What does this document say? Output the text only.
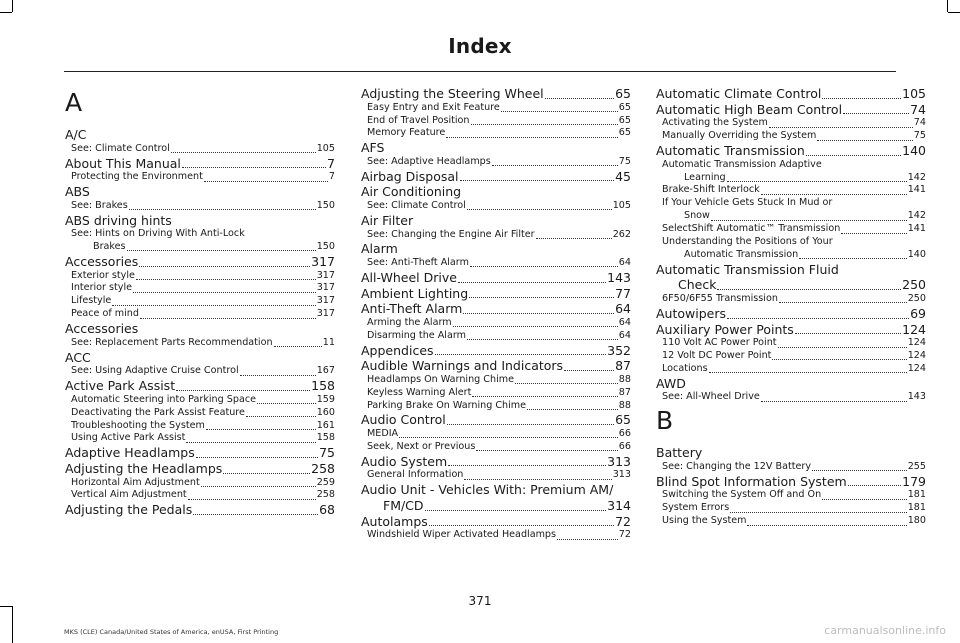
Index
A
A/C
See: Climate Control	105
About This Manual	7
Protecting the Environment	7
ABS
See: Brakes	150
ABS driving hints
See: Hints on Driving With Anti-Lock
Brakes	150
Accessories	317
Exterior style	317
Interior style	317
Lifestyle	317
Peace of mind	317
Accessories
See: Replacement Parts Recommendation	11
ACC
See: Using Adaptive Cruise Control	167
Active Park Assist	158
Automatic Steering into Parking Space	159
Deactivating the Park Assist Feature	160
Troubleshooting the System	161
Using Active Park Assist	158
Adaptive Headlamps	75
Adjusting the Headlamps	258
Horizontal Aim Adjustment	259
Vertical Aim Adjustment	258
Adjusting the Pedals	68
Adjusting the Steering Wheel	65
Easy Entry and Exit Feature	65
End of Travel Position	65
Memory Feature	65
AFS
See: Adaptive Headlamps	75
Airbag Disposal	45
Air Conditioning
See: Climate Control	105
Air Filter
See: Changing the Engine Air Filter	262
Alarm
See: Anti-Theft Alarm	64
All-Wheel Drive	143
Ambient Lighting	77
Anti-Theft Alarm	64
Arming the Alarm	64
Disarming the Alarm	64
Appendices	352
Audible Warnings and Indicators	87
Headlamps On Warning Chime	88
Keyless Warning Alert	87
Parking Brake On Warning Chime	88
Audio Control	65
MEDIA	66
Seek, Next or Previous	66
Audio System	313
General Information	313
Audio Unit - Vehicles With: Premium AM/
FM/CD	314
Autolamps	72
Windshield Wiper Activated Headlamps	72
Automatic Climate Control	105
Automatic High Beam Control	74
Activating the System	74
Manually Overriding the System	75
Automatic Transmission	140
Automatic Transmission Adaptive
Learning	142
Brake-Shift Interlock	141
If Your Vehicle Gets Stuck In Mud or
Snow	142
SelectShift Automatic™ Transmission	141
Understanding the Positions of Your
Automatic Transmission	140
Automatic Transmission Fluid
Check	250
6F50/6F55 Transmission	250
Autowipers	69
Auxiliary Power Points	124
110 Volt AC Power Point	124
12 Volt DC Power Point	124
Locations	124
AWD
See: All-Wheel Drive	143
B
Battery
See: Changing the 12V Battery	255
Blind Spot Information System	179
Switching the System Off and On	181
System Errors	181
Using the System	180
371
MKS (CLE) Canada/United States of America, enUSA, First Printing	carmanualsonline.info
